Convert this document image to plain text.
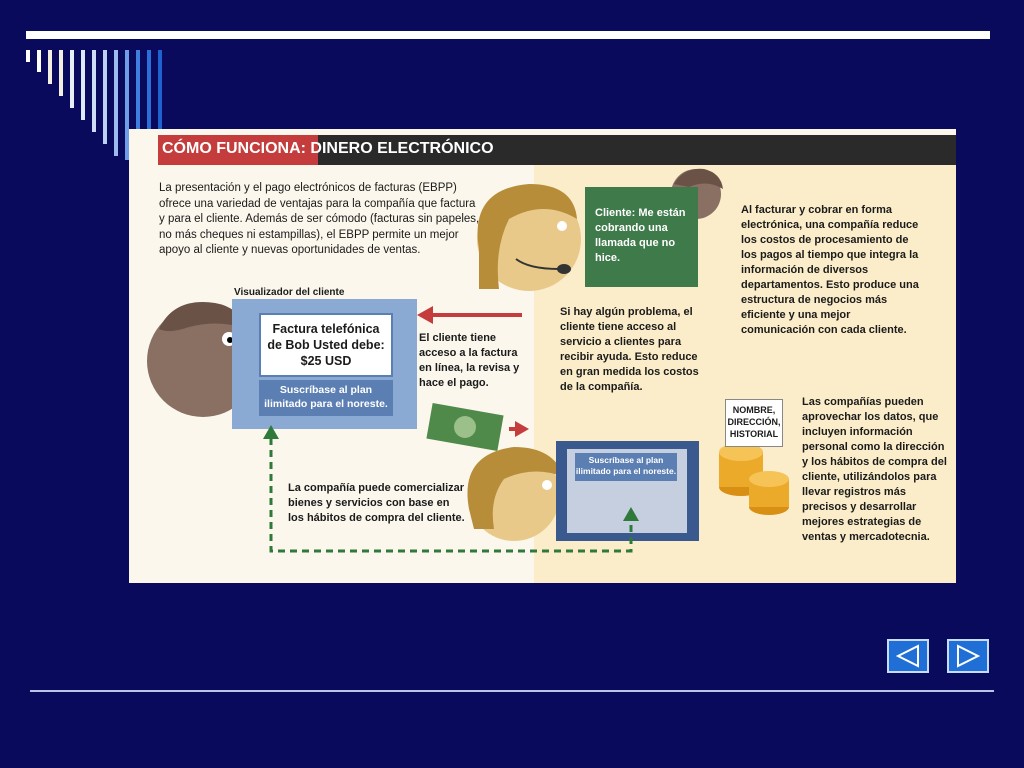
CÓMO FUNCIONA: DINERO ELECTRÓNICO
La presentación y el pago electrónicos de facturas (EBPP) ofrece una variedad de ventajas para la compañía que factura y para el cliente. Además de ser cómodo (facturas sin papeles, no más cheques ni estampillas), el EBPP permite un mejor apoyo al cliente y nuevas oportunidades de ventas.
Visualizador del cliente
Factura telefónica
de Bob Usted debe:
$25 USD
Suscríbase al plan ilimitado para el noreste.
Cliente: Me están cobrando una llamada que no hice.
El cliente tiene acceso a la factura en línea, la revisa y hace el pago.
Si hay algún problema, el cliente tiene acceso al servicio a clientes para recibir ayuda. Esto reduce en gran medida los costos de la compañía.
Al facturar y cobrar en forma electrónica, una compañía reduce los costos de procesamiento de los pagos al tiempo que integra la información de diversos departamentos. Esto produce una estructura de negocios más eficiente y una mejor comunicación con cada cliente.
NOMBRE,
DIRECCIÓN,
HISTORIAL
Las compañías pueden aprovechar los datos, que incluyen información personal como la dirección y los hábitos de compra del cliente, utilizándolos para llevar registros más precisos y desarrollar mejores estrategias de ventas y mercadotecnia.
Suscríbase al plan ilimitado para el noreste.
La compañía puede comercializar bienes y servicios con base en los hábitos de compra del cliente.
